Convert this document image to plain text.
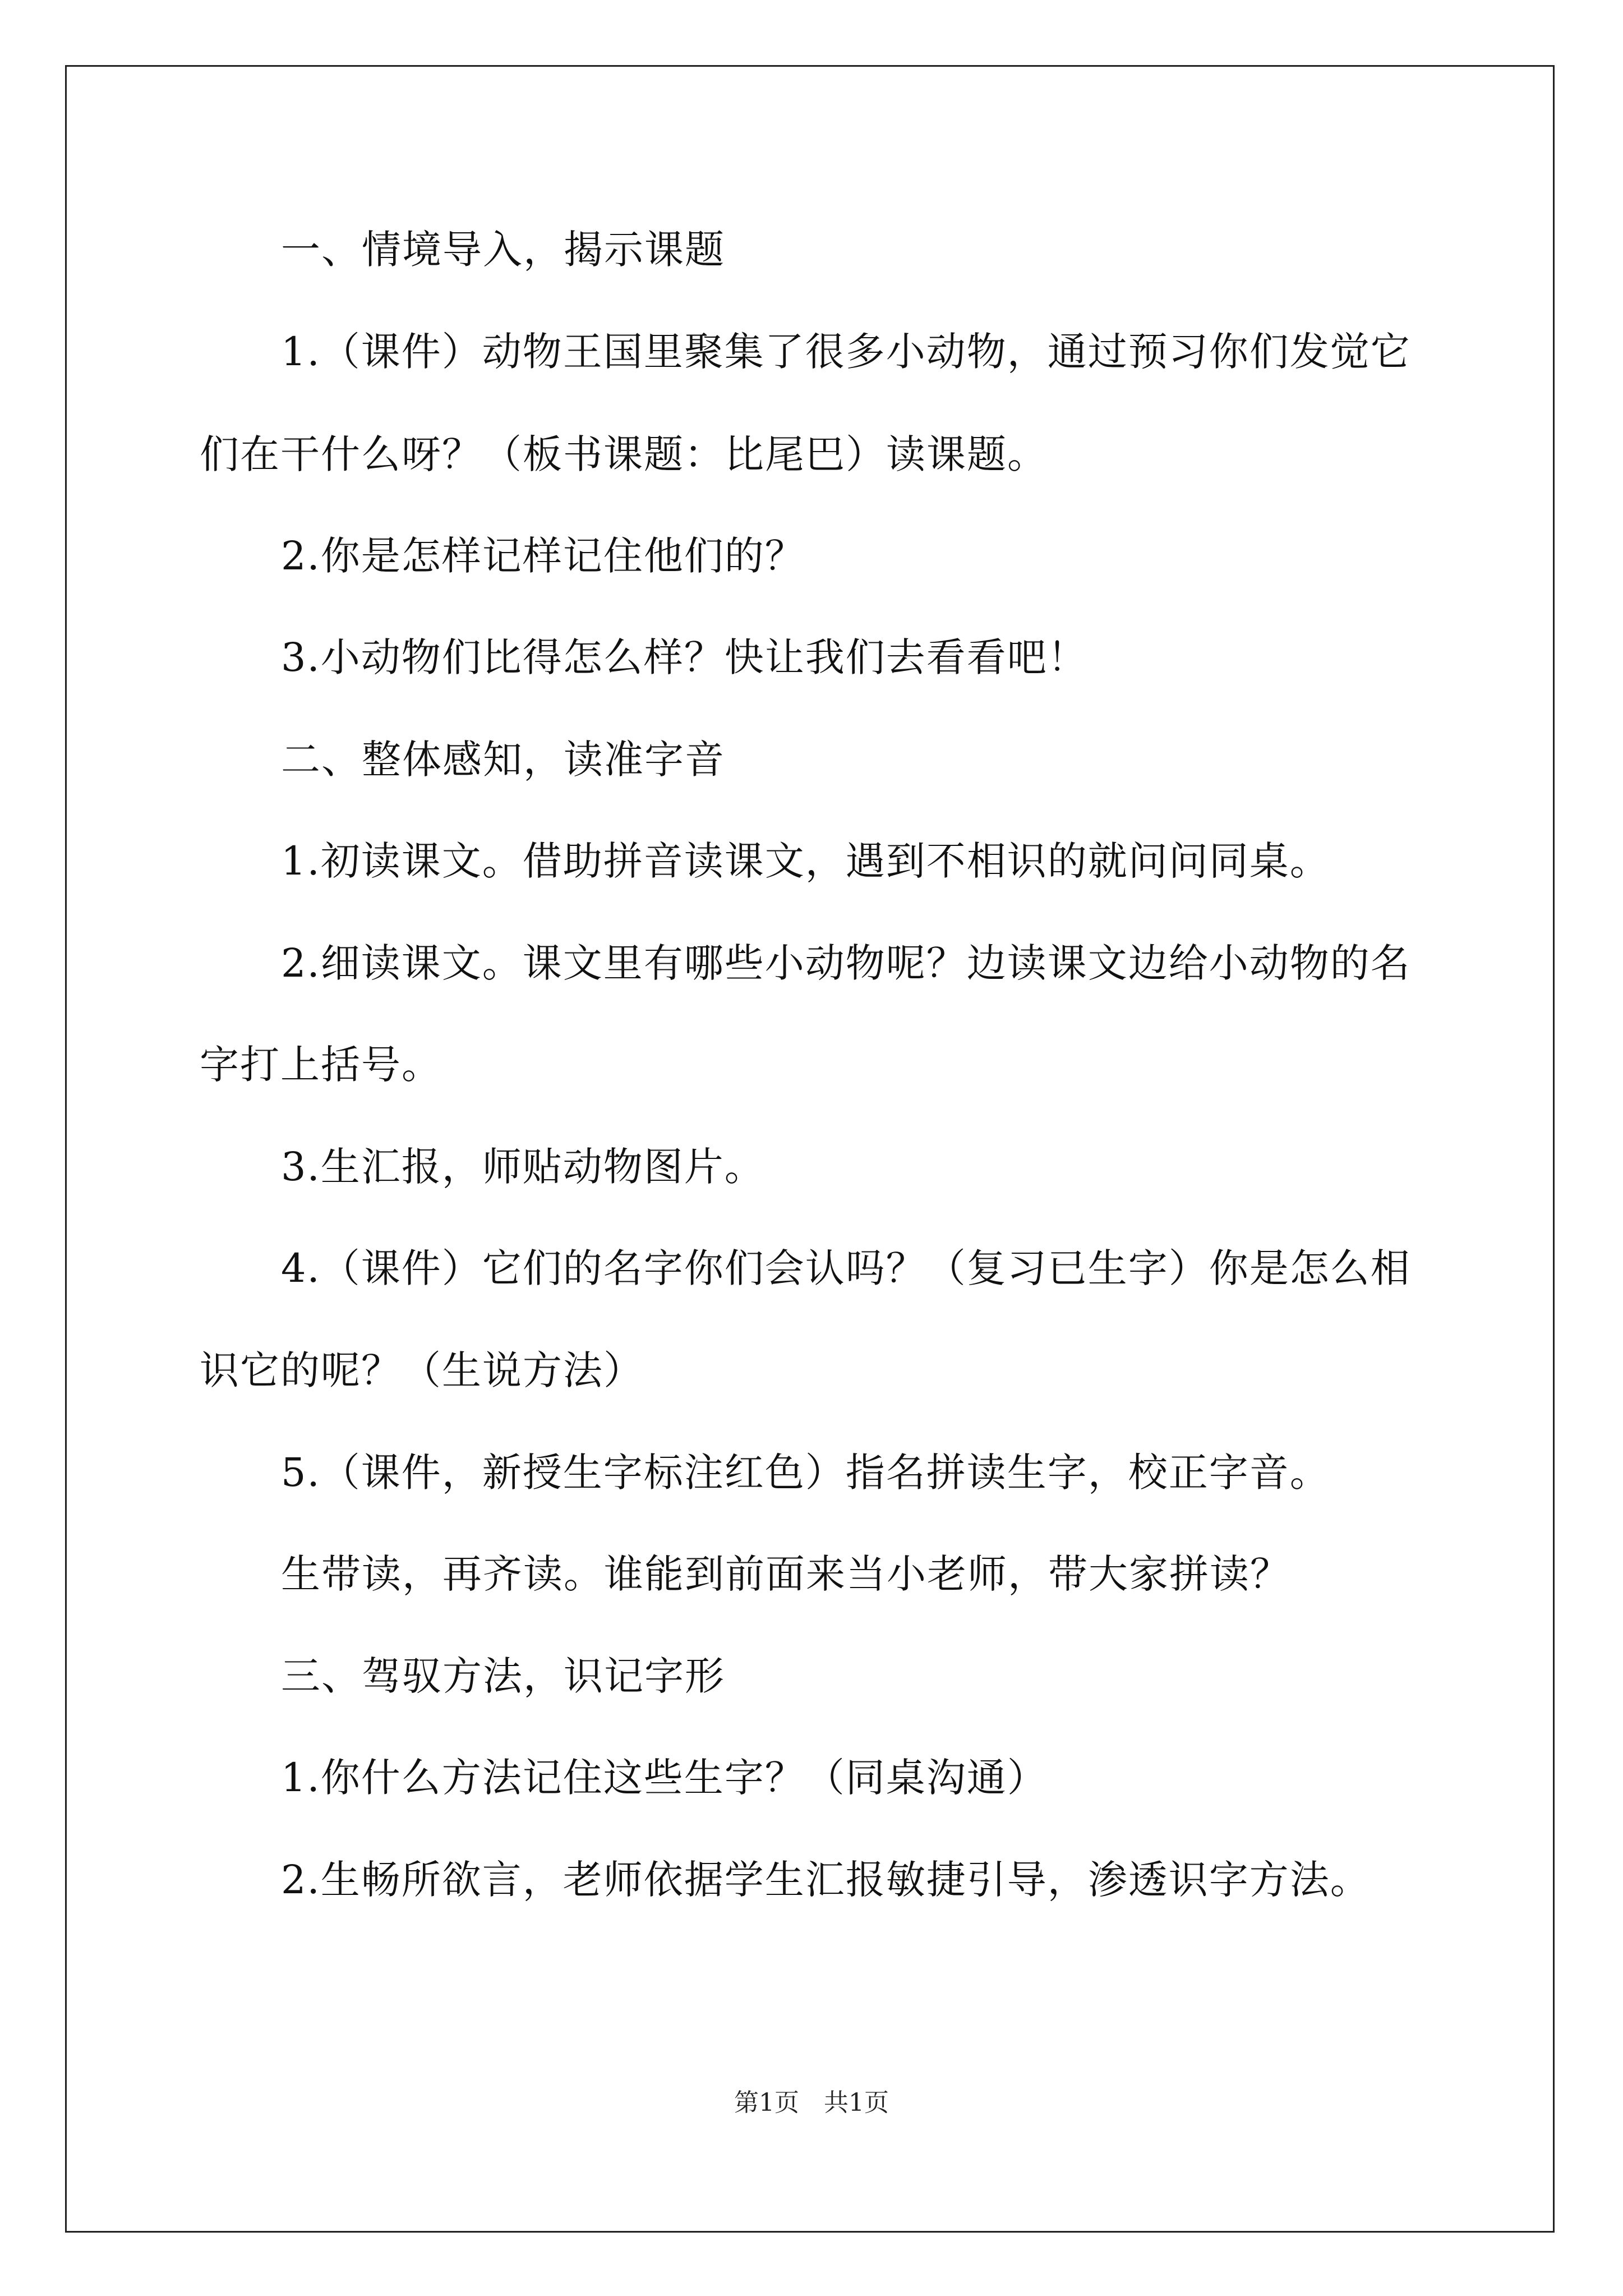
一、情境导入，揭示课题
1.（课件）动物王国里聚集了很多小动物，通过预习你们发觉它
们在干什么呀？（板书课题：比尾巴）读课题。
2.你是怎样记样记住他们的？
3.小动物们比得怎么样？快让我们去看看吧！
二、整体感知，读准字音
1.初读课文。借助拼音读课文，遇到不相识的就问问同桌。
2.细读课文。课文里有哪些小动物呢？边读课文边给小动物的名
字打上括号。
3.生汇报，师贴动物图片。
4.（课件）它们的名字你们会认吗？（复习已生字）你是怎么相
识它的呢？（生说方法）
5.（课件，新授生字标注红色）指名拼读生字，校正字音。
生带读，再齐读。谁能到前面来当小老师，带大家拼读？
三、驾驭方法，识记字形
1.你什么方法记住这些生字？（同桌沟通）
2.生畅所欲言，老师依据学生汇报敏捷引导，渗透识字方法。
第1页　共1页
